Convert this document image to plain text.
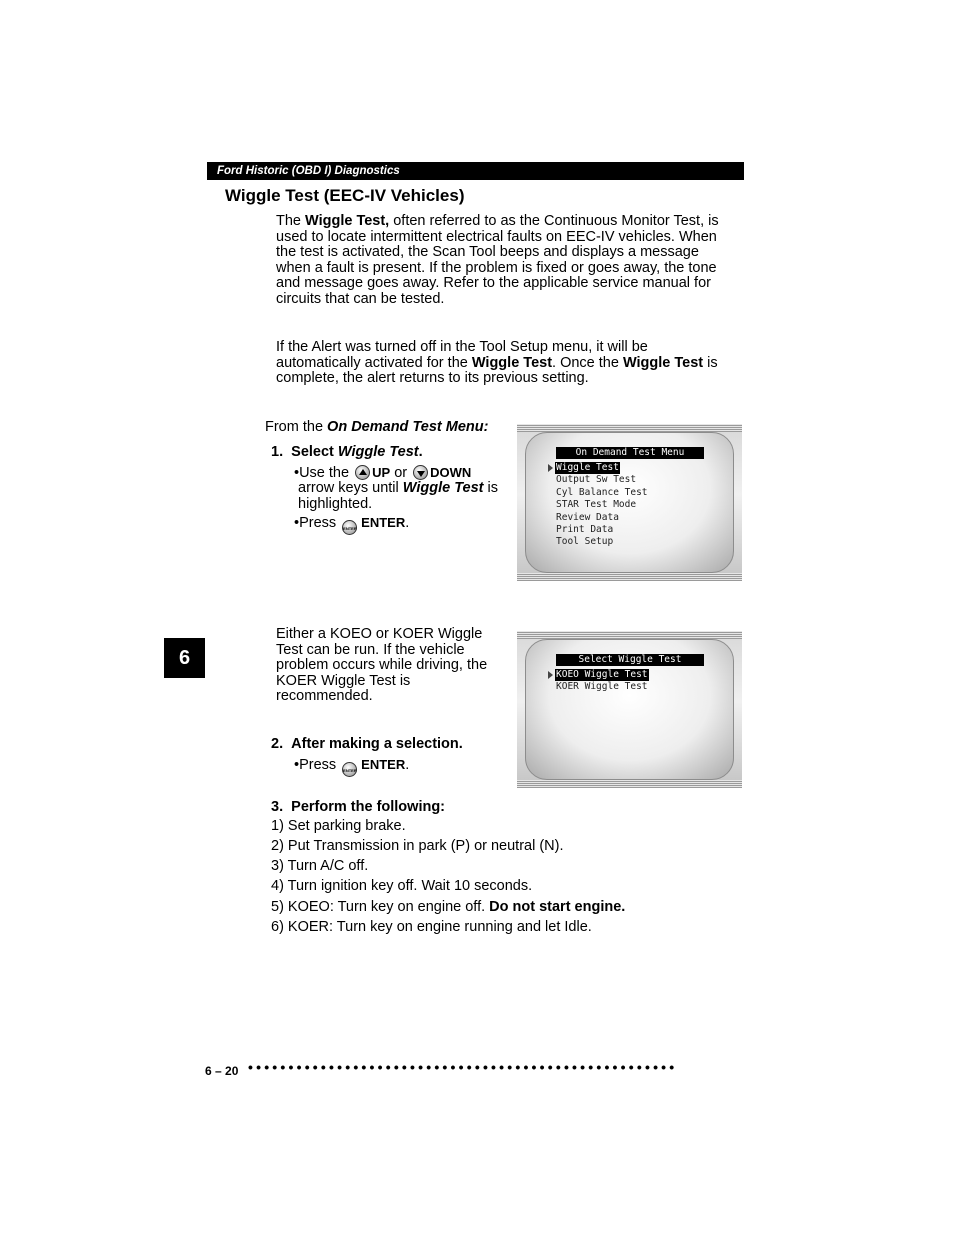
Ford Historic (OBD I) Diagnostics
Wiggle Test (EEC-IV Vehicles)
The Wiggle Test, often referred to as the Continuous Monitor Test, is used to locate intermittent electrical faults on EEC-IV vehicles. When the test is activated, the Scan Tool beeps and displays a message when a fault is present. If the problem is fixed or goes away, the tone and message goes away. Refer to the applicable service manual for circuits that can be tested.
If the Alert was turned off in the Tool Setup menu, it will be automatically activated for the Wiggle Test. Once the Wiggle Test is complete, the alert returns to its previous setting.
From the On Demand Test Menu:
1. Select Wiggle Test.
•Use the UP or DOWN
arrow keys until Wiggle Test is highlighted.
•Press ENTER ENTER.
On Demand Test Menu
Wiggle Test
Output Sw Test
Cyl Balance Test
STAR Test Mode
Review Data
Print Data
Tool Setup
6
Either a KOEO or KOER Wiggle Test can be run. If the vehicle problem occurs while driving, the KOER Wiggle Test is recommended.
Select Wiggle Test
KOEO Wiggle Test
KOER Wiggle Test
2. After making a selection.
•Press ENTER ENTER.
3. Perform the following:
1) Set parking brake.
2) Put Transmission in park (P) or neutral (N).
3) Turn A/C off.
4) Turn ignition key off. Wait 10 seconds.
5) KOEO: Turn key on engine off. Do not start engine.
6) KOER: Turn key on engine running and let Idle.
6 – 20 •••••••••••••••••••••••••••••••••••••••••••••••••••••
